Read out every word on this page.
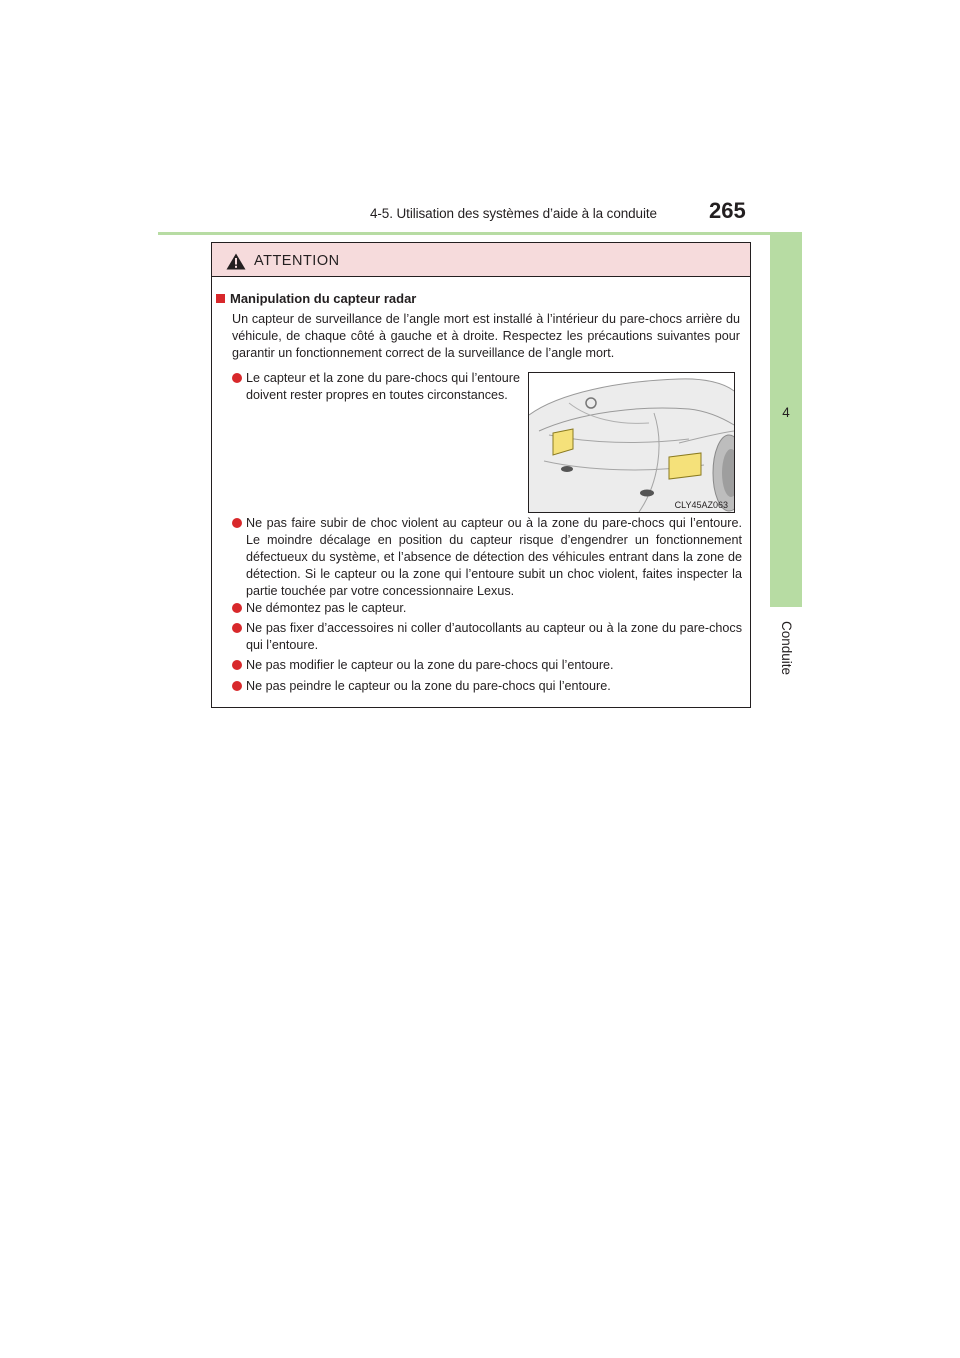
4-5. Utilisation des systèmes d’aide à la conduite 265
4
Conduite
ATTENTION
Manipulation du capteur radar
Un capteur de surveillance de l’angle mort est installé à l’intérieur du pare-chocs arrière du véhicule, de chaque côté à gauche et à droite. Respectez les précautions suivantes pour garantir un fonctionnement correct de la surveillance de l’angle mort.
Le capteur et la zone du pare-chocs qui l’entoure doivent rester propres en toutes circonstances.
CLY45AZ063
Ne pas faire subir de choc violent au capteur ou à la zone du pare-chocs qui l’entoure. Le moindre décalage en position du capteur risque d’engendrer un fonctionnement défectueux du système, et l’absence de détection des véhicules entrant dans la zone de détection. Si le capteur ou la zone qui l’entoure subit un choc violent, faites inspecter la partie touchée par votre concessionnaire Lexus.
Ne démontez pas le capteur.
Ne pas fixer d’accessoires ni coller d’autocollants au capteur ou à la zone du pare-chocs qui l’entoure.
Ne pas modifier le capteur ou la zone du pare-chocs qui l’entoure.
Ne pas peindre le capteur ou la zone du pare-chocs qui l’entoure.
